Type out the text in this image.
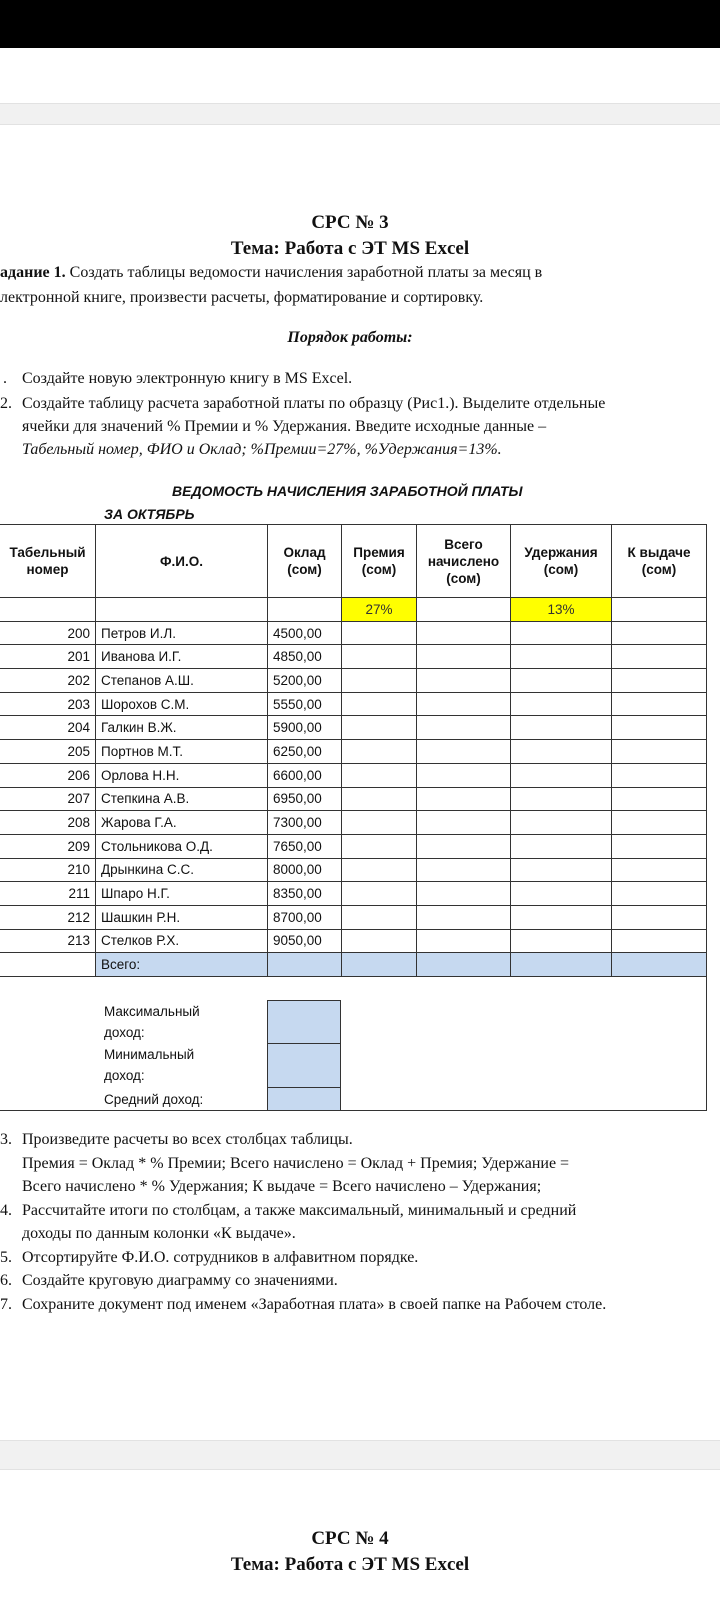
СРС № 3
Тема: Работа с ЭТ MS Excel
адание 1. Создать таблицы ведомости начисления заработной платы за месяц в
лектронной книге, произвести расчеты, форматирование и сортировку.
Порядок работы:
. Создайте новую электронную книгу в MS Excel.
2. Создайте таблицу расчета заработной платы по образцу (Рис1.). Выделите отдельные
ячейки для значений % Премии и % Удержания. Введите исходные данные –
Табельный номер, ФИО и Оклад; %Премии=27%, %Удержания=13%.
ВЕДОМОСТЬ НАЧИСЛЕНИЯ ЗАРАБОТНОЙ ПЛАТЫ
ЗА ОКТЯБРЬ
Табельный номер	Ф.И.О.	Оклад (сом)	Премия (сом)	Всего начислено (сом)	Удержания (сом)	К выдаче (сом)
			27%		13%	
200	Петров И.Л.	4500,00				
201	Иванова И.Г.	4850,00				
202	Степанов А.Ш.	5200,00				
203	Шорохов С.М.	5550,00				
204	Галкин В.Ж.	5900,00				
205	Портнов М.Т.	6250,00				
206	Орлова Н.Н.	6600,00				
207	Степкина А.В.	6950,00				
208	Жарова Г.А.	7300,00				
209	Стольникова О.Д.	7650,00				
210	Дрынкина С.С.	8000,00				
211	Шпаро Н.Г.	8350,00				
212	Шашкин Р.Н.	8700,00				
213	Стелков Р.Х.	9050,00				
	Всего:					
Максимальный
доход:
Минимальный
доход:
Средний доход:
3. Произведите расчеты во всех столбцах таблицы.
Премия = Оклад * % Премии; Всего начислено = Оклад + Премия; Удержание =
Всего начислено * % Удержания; К выдаче = Всего начислено – Удержания;
4. Рассчитайте итоги по столбцам, а также максимальный, минимальный и средний
доходы по данным колонки «К выдаче».
5. Отсортируйте Ф.И.О. сотрудников в алфавитном порядке.
6. Создайте круговую диаграмму со значениями.
7. Сохраните документ под именем «Заработная плата» в своей папке на Рабочем столе.
СРС № 4
Тема: Работа с ЭТ MS Excel
